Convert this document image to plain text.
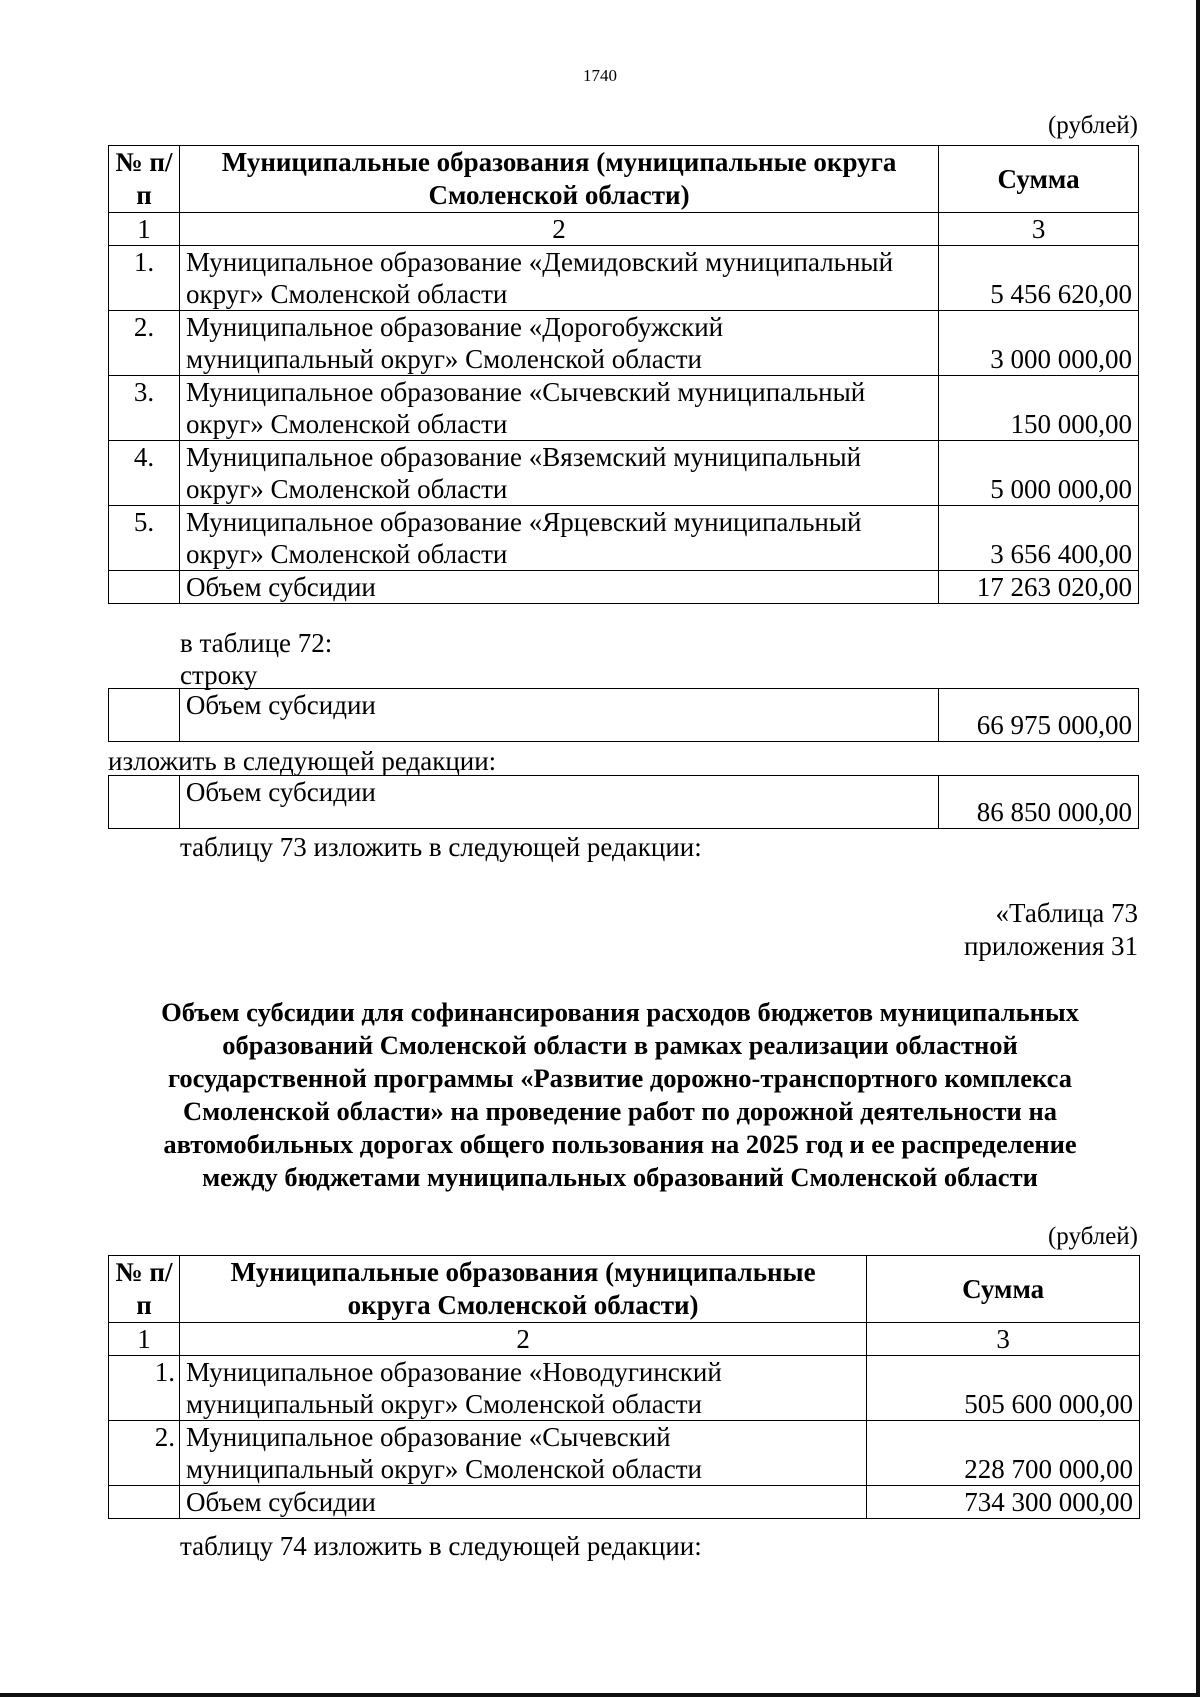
1740
(рублей)
№ п/п	Муниципальные образования (муниципальные округа Смоленской области)	Сумма
1	2	3
1.	Муниципальное образование «Демидовский муниципальный
округ» Смоленской области	5 456 620,00
2.	Муниципальное образование «Дорогобужский
муниципальный округ» Смоленской области	3 000 000,00
3.	Муниципальное образование «Сычевский муниципальный
округ» Смоленской области	150 000,00
4.	Муниципальное образование «Вяземский муниципальный
округ» Смоленской области	5 000 000,00
5.	Муниципальное образование «Ярцевский муниципальный
округ» Смоленской области	3 656 400,00
	Объем субсидии	17 263 020,00
в таблице 72:
строку
	Объем субсидии	66 975 000,00
изложить в следующей редакции:
	Объем субсидии	86 850 000,00
таблицу 73 изложить в следующей редакции:
«Таблица 73
приложения 31
Объем субсидии для софинансирования расходов бюджетов муниципальных
образований Смоленской области в рамках реализации областной
государственной программы «Развитие дорожно-транспортного комплекса
Смоленской области» на проведение работ по дорожной деятельности на
автомобильных дорогах общего пользования на 2025 год и ее распределение
между бюджетами муниципальных образований Смоленской области
(рублей)
№ п/п	Муниципальные образования (муниципальные округа Смоленской области)	Сумма
1	2	3
1.	Муниципальное образование «Новодугинский
муниципальный округ» Смоленской области	505 600 000,00
2.	Муниципальное образование «Сычевский
муниципальный округ» Смоленской области	228 700 000,00
	Объем субсидии	734 300 000,00
таблицу 74 изложить в следующей редакции:
